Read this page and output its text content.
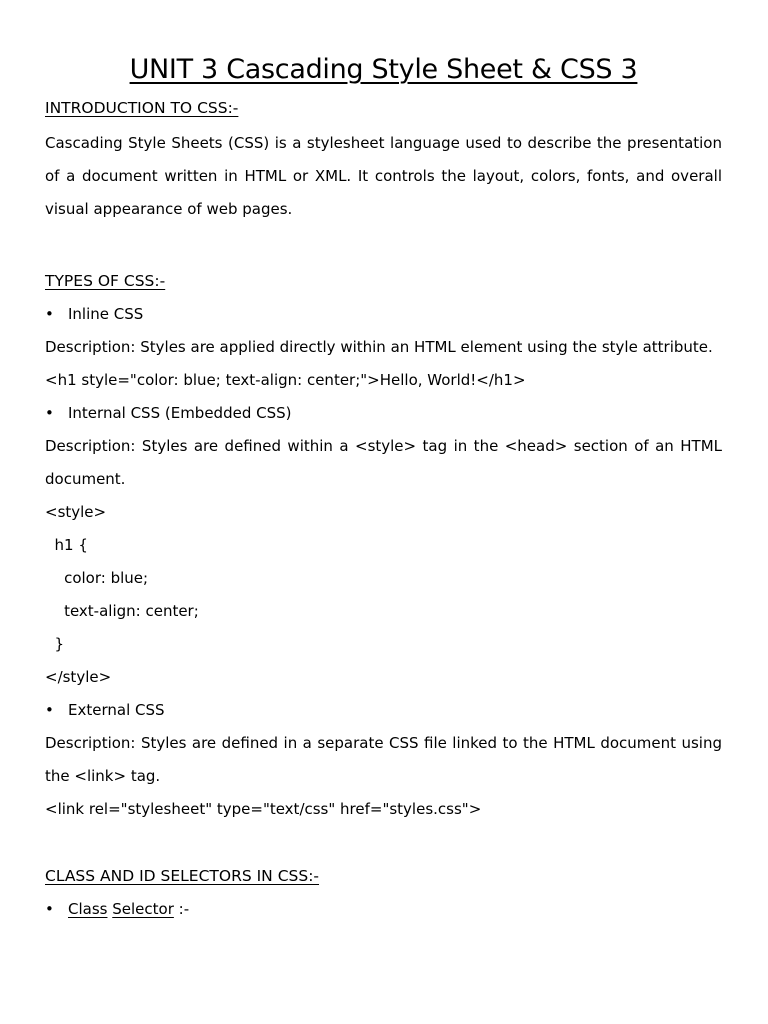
UNIT 3 Cascading Style Sheet & CSS 3

INTRODUCTION TO CSS:-

Cascading Style Sheets (CSS) is a stylesheet language used to describe the presentation of a document written in HTML or XML. It controls the layout, colors, fonts, and overall visual appearance of web pages.

TYPES OF CSS:-

• Inline CSS

Description: Styles are applied directly within an HTML element using the style attribute.

<h1 style="color: blue; text-align: center;">Hello, World!</h1>

• Internal CSS (Embedded CSS)

Description: Styles are defined within a <style> tag in the <head> section of an HTML document.

<style>

h1 {

color: blue;

text-align: center;

}

</style>

• External CSS

Description: Styles are defined in a separate CSS file linked to the HTML document using the <link> tag.

<link rel="stylesheet" type="text/css" href="styles.css">

CLASS AND ID SELECTORS IN CSS:-

• Class Selector :-
